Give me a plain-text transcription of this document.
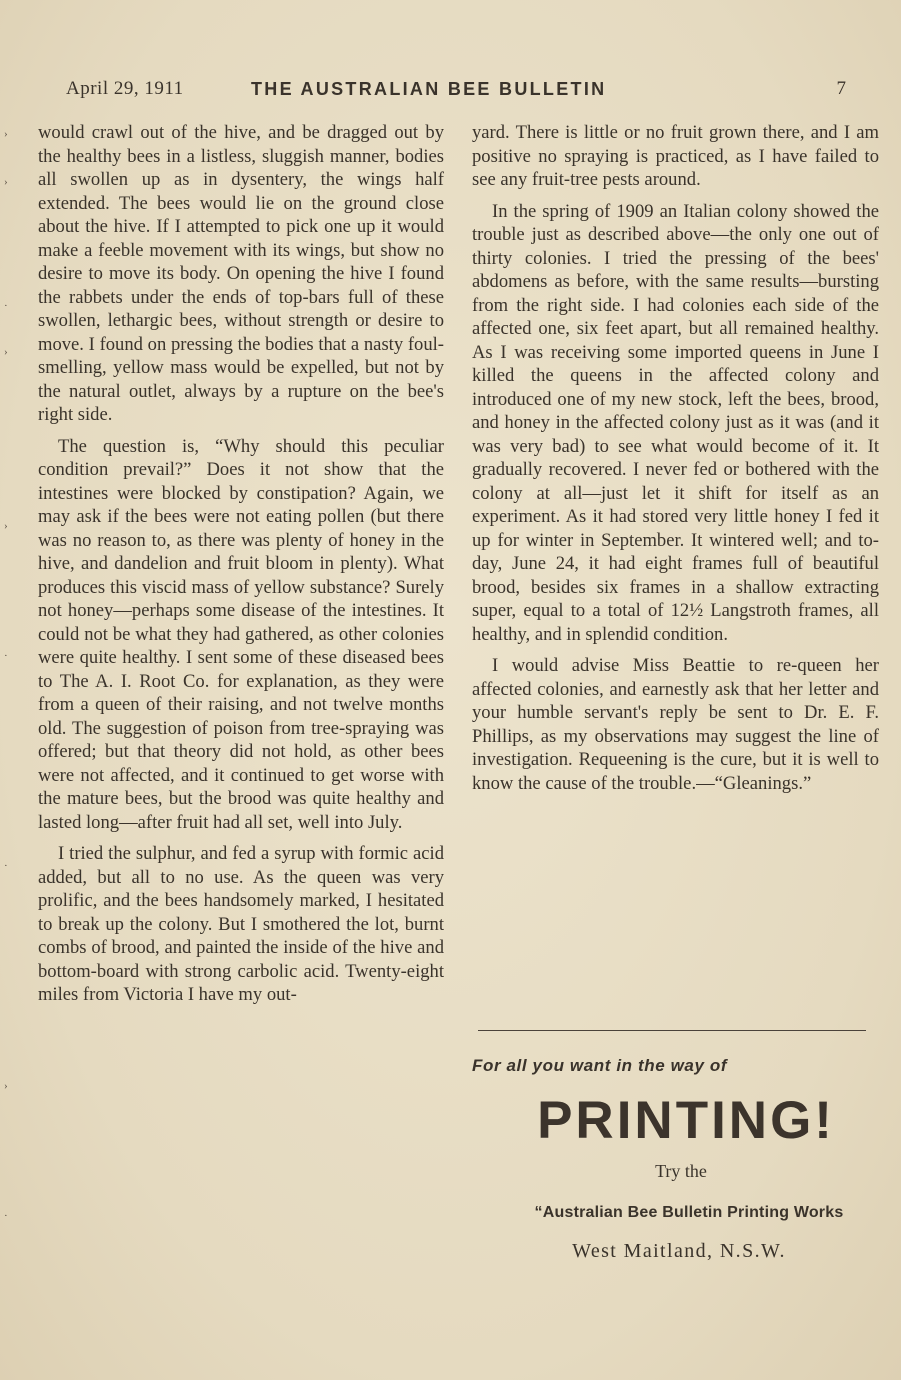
›
›
·
›
›
·
·
›
·
April 29, 1911	THE AUSTRALIAN BEE BULLETIN	7

would crawl out of the hive, and be dragged out by the healthy bees in a listless, sluggish manner, bodies all swollen up as in dysentery, the wings half extended. The bees would lie on the ground close about the hive. If I attempted to pick one up it would make a feeble movement with its wings, but show no desire to move its body. On opening the hive I found the rabbets under the ends of top-bars full of these swollen, lethargic bees, without strength or desire to move. I found on pressing the bodies that a nasty foul-smelling, yellow mass would be expelled, but not by the natural outlet, always by a rupture on the bee's right side.

The question is, “Why should this peculiar condition prevail?” Does it not show that the intestines were blocked by constipation? Again, we may ask if the bees were not eating pollen (but there was no reason to, as there was plenty of honey in the hive, and dandelion and fruit bloom in plenty). What produces this viscid mass of yellow substance? Surely not honey—perhaps some disease of the intestines. It could not be what they had gathered, as other colonies were quite healthy. I sent some of these diseased bees to The A. I. Root Co. for explanation, as they were from a queen of their raising, and not twelve months old. The suggestion of poison from tree-spraying was offered; but that theory did not hold, as other bees were not affected, and it continued to get worse with the mature bees, but the brood was quite healthy and lasted long—after fruit had all set, well into July.

I tried the sulphur, and fed a syrup with formic acid added, but all to no use. As the queen was very prolific, and the bees handsomely marked, I hesitated to break up the colony. But I smothered the lot, burnt combs of brood, and painted the inside of the hive and bottom-board with strong carbolic acid. Twenty-eight miles from Victoria I have my out-

yard. There is little or no fruit grown there, and I am positive no spraying is practiced, as I have failed to see any fruit-tree pests around.

In the spring of 1909 an Italian colony showed the trouble just as described above—the only one out of thirty colonies. I tried the pressing of the bees' abdomens as before, with the same results—bursting from the right side. I had colonies each side of the affected one, six feet apart, but all remained healthy. As I was receiving some imported queens in June I killed the queens in the affected colony and introduced one of my new stock, left the bees, brood, and honey in the affected colony just as it was (and it was very bad) to see what would become of it. It gradually recovered. I never fed or bothered with the colony at all—just let it shift for itself as an experiment. As it had stored very little honey I fed it up for winter in September. It wintered well; and to-day, June 24, it had eight frames full of beautiful brood, besides six frames in a shallow extracting super, equal to a total of 12½ Langstroth frames, all healthy, and in splendid condition.

I would advise Miss Beattie to re-queen her affected colonies, and earnestly ask that her letter and your humble servant's reply be sent to Dr. E. F. Phillips, as my observations may suggest the line of investigation. Requeening is the cure, but it is well to know the cause of the trouble.—“Gleanings.”

For all you want in the way of
PRINTING!
Try the
“Australian Bee Bulletin Printing Works
West Maitland, N.S.W.
